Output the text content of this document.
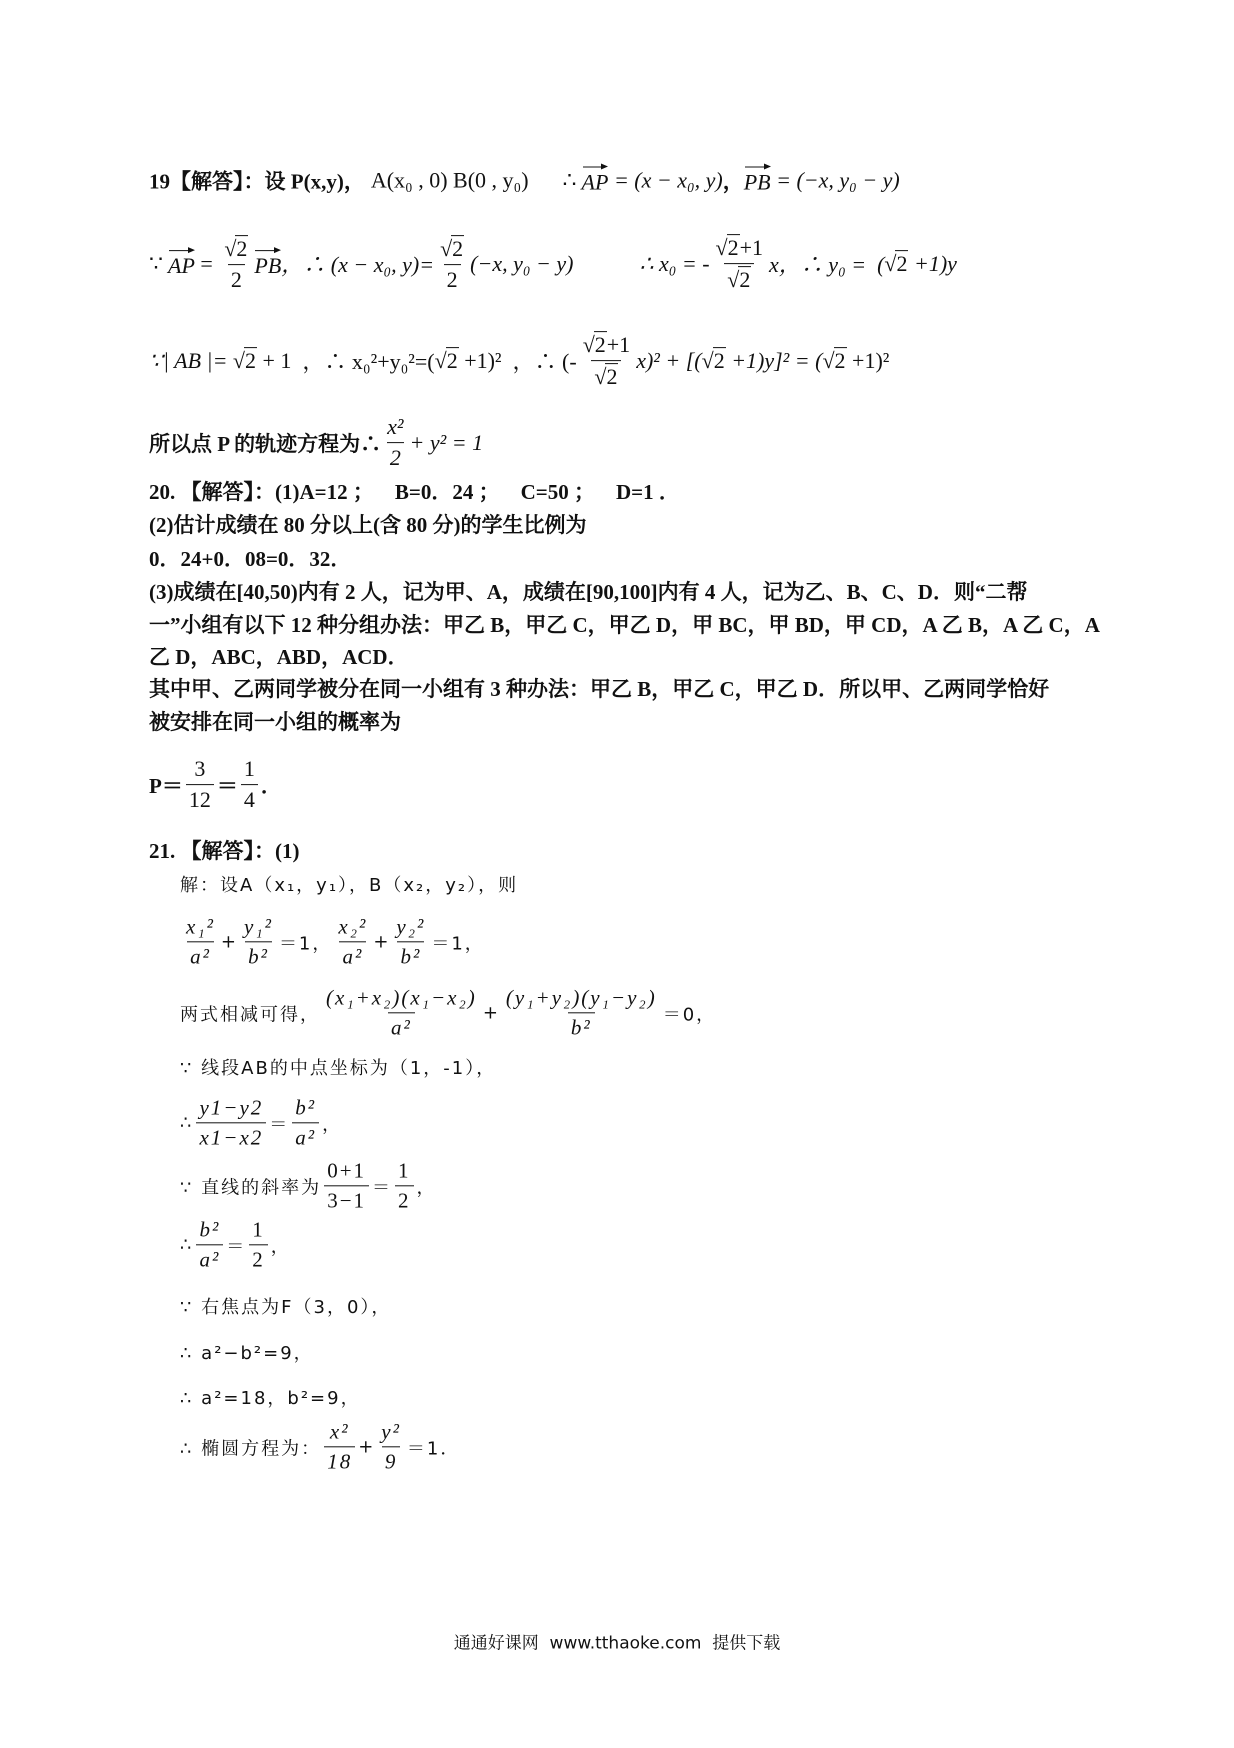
19【解答】：设 P(x,y)， A(x₀ , 0) B(0 , y₀) ∴ AP = (x − x₀, y) ， PB = (−x, y₀ − y)
∵ AP = $\frac{√ 2}{2}$ PB ，∴ (x − x₀, $y)= \frac{√ 2}{2} (-x$, y₀ − y)	∴ x₀ = - $\frac{√ 2 +1}{√ 2}$ x，∴ y₀ =  ( √ 2 +1)y
∵| AB |= √ 2 + 1 ，∴ x₀²+y₀²=( √ 2 +1)² ，∴ (- $\frac{√ 2 +1}{√ 2} x)^2$ + [( √ 2 +1)y]² = ( √ 2 +1)²
所以点 P 的轨迹方程为∴ $\frac{\text{x²}}{2} + y^2 = 1$
20. 【解答】：(1)A=12 ；    B=0．24 ；    C=50 ；    D=1 ．
(2)估计成绩在 80 分以上(含 80 分)的学生比例为
0．24+0．08=0．32．
(3)成绩在[40,50)内有 2 人，记为甲、A，成绩在[90,100]内有 4 人，记为乙、B、C、D．则“二帮
一”小组有以下 12 种分组办法：甲乙 B，甲乙 C，甲乙 D，甲 BC，甲 BD，甲 CD，A 乙 B，A 乙 C，A
乙 D，ABC，ABD，ACD．
其中甲、乙两同学被分在同一小组有 3 种办法：甲乙 B，甲乙 C，甲乙 D．所以甲、乙两同学恰好
被安排在同一小组的概率为
$P= \frac{3}{12} = \frac{1}{4}$ ．
21. 【解答】：(1)
解：设A（x₁，y₁），B（x₂，y₂），则
$\frac{\text{x₁²}}{\text{a²}} + \frac{\text{y₁²}}{\text{b²}} =1$， $\frac{\text{x₂²}}{\text{a²}} + \frac{\text{y₂²}}{\text{b²}} =1$，
两式相减可得， $\frac{\text{(x₁+x₂)(x₁−x₂)}}{\text{a²}} + \frac{\text{(y₁+y₂)(y₁−y₂)}}{\text{b²}} =0$，
∵ 线段AB的中点坐标为（1，-1），
∴ $\frac{y1-y2}{x1-x2} = \frac{\text{b²}}{\text{a²}}$ ，
∵ 直线的斜率为 $\frac{0+1}{3-1} = \frac{1}{2}$ ，
∴ $\frac{\text{b²}}{\text{a²}} = \frac{1}{2}$ ，
∵ 右焦点为F（3，0），
∴ a²−b²=9，
∴ a²=18，b²=9，
∴ 椭圆方程为： $\frac{\text{x²}}{18} + \frac{\text{y²}}{9} =1$．
通通好课网  www.tthaoke.com  提供下载
